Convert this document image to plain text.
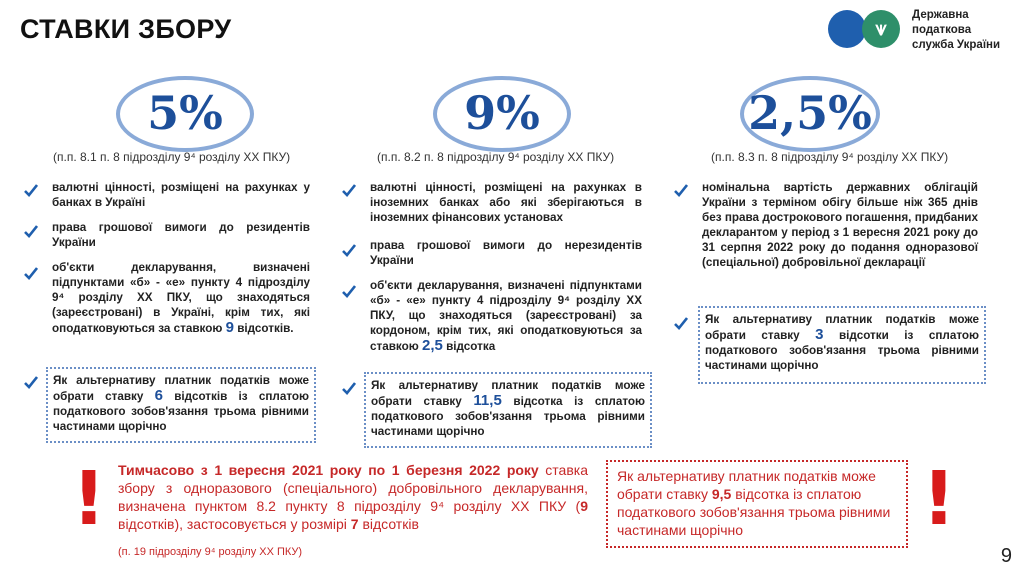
СТАВКИ ЗБОРУ	⩛
Державна
податкова
служба України
5%	9%	2,5%
(п.п. 8.1 п. 8 підрозділу 9⁴ розділу XX ПКУ)	(п.п. 8.2 п. 8 підрозділу 9⁴ розділу XX ПКУ)	(п.п. 8.3 п. 8 підрозділу 9⁴ розділу XX ПКУ)
валютні цінності, розміщені на рахунках у банках в Україні
права грошової вимоги до резидентів України
об'єкти декларування, визначені підпунктами «б» - «е» пункту 4 підрозділу 9⁴ розділу XX ПКУ, що знаходяться (зареєстровані) в Україні, крім тих, які оподатковуються за ставкою 9 відсотків.
Як альтернативу платник податків може обрати ставку 6 відсотків із сплатою податкового зобов'язання трьома рівними частинами щорічно
валютні цінності, розміщені на рахунках в іноземних банках або які зберігаються в іноземних фінансових установах
права грошової вимоги до нерезидентів України
об'єкти декларування, визначені підпунктами «б» - «е» пункту 4 підрозділу 9⁴ розділу XX ПКУ, що знаходяться (зареєстровані) за кордоном, крім тих, які оподатковуються за ставкою 2,5 відсотка
Як альтернативу платник податків може обрати ставку 11,5 відсотка із сплатою податкового зобов'язання трьома рівними частинами щорічно
номінальна вартість державних облігацій України з терміном обігу більше ніж 365 днів без права дострокового погашення, придбаних декларантом у період з 1 вересня 2021 року до 31 серпня 2022 року до подання одноразової (спеціальної) добровільної декларації
Як альтернативу платник податків може обрати ставку 3 відсотки із сплатою податкового зобов'язання трьома рівними частинами щорічно
! Тимчасово з 1 вересня 2021 року по 1 березня 2022 року ставка збору з одноразового (спеціального) добровільного декларування, визначена пунктом 8.2 пункту 8 підрозділу 9⁴ розділу XX ПКУ (9 відсотків), застосовується у розмірі 7 відсотків
(п. 19 підрозділу 9⁴ розділу XX ПКУ)
Як альтернативу платник податків може обрати ставку 9,5 відсотка із сплатою податкового зобов'язання трьома рівними частинами щорічно	!
9
